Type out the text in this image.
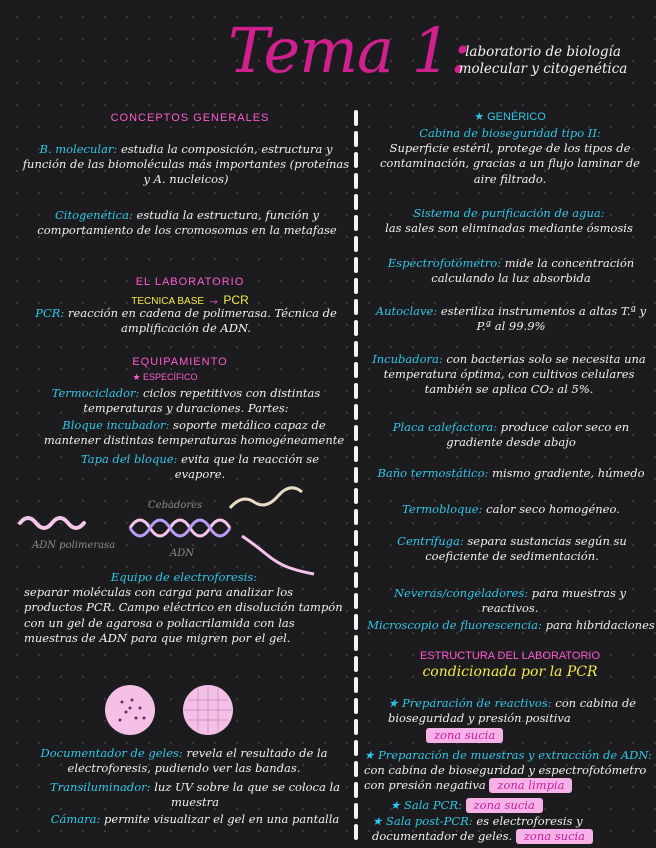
Tema 1:
laboratorio de biología
molecular y citogenética
CONCEPTOS GENERALES
B. molecular: estudia la composición, estructura y función de las biomoléculas más importantes (proteínas y A. nucleicos)
Citogenética: estudia la estructura, función y comportamiento de los cromosomas en la metafase
EL LABORATORIO
TECNICA BASE → PCR
PCR: reacción en cadena de polimerasa. Técnica de amplificación de ADN.
EQUIPAMIENTO
★ ESPECÍFICO
Termociclador: ciclos repetitivos con distintas temperaturas y duraciones. Partes:
Bloque incubador: soporte metálico capaz de mantener distintas temperaturas homogéneamente
Tapa del bloque: evita que la reacción se evapore.
Cebadores
ADN
ADN polimerasa
Equipo de electroforesis:
separar moléculas con carga para analizar los productos PCR. Campo eléctrico en disolución tampón con un gel de agarosa o poliacrilamida con las muestras de ADN para que migren por el gel.
Documentador de geles: revela el resultado de la electroforesis, pudiendo ver las bandas.
Transiluminador: luz UV sobre la que se coloca la muestra
Cámara: permite visualizar el gel en una pantalla
★ GENÉRICO
Cabina de bioseguridad tipo II:
Superficie estéril, protege de los tipos de contaminación, gracias a un flujo laminar de aire filtrado.
Sistema de purificación de agua:
las sales son eliminadas mediante ósmosis
Espectrofotómetro: mide la concentración calculando la luz absorbida
Autoclave: esteriliza instrumentos a altas T.ª y P.ª al 99.9%
Incubadora: con bacterias solo se necesita una temperatura óptima, con cultivos celulares también se aplica CO₂ al 5%.
Placa calefactora: produce calor seco en gradiente desde abajo
Baño termostático: mismo gradiente, húmedo
Termobloque: calor seco homogéneo.
Centrífuga: separa sustancias según su coeficiente de sedimentación.
Neveras/congeladores: para muestras y reactivos.
Microscopio de fluorescencia: para hibridaciones
ESTRUCTURA DEL LABORATORIO
condicionada por la PCR
★ Preparación de reactivos: con cabina de bioseguridad y presión positiva
zona sucia
★ Preparación de muestras y extracción de ADN: con cabina de bioseguridad y espectrofotómetro con presión negativa zona limpia
★ Sala PCR: zona sucia
★ Sala post-PCR: es electroforesis y documentador de geles. zona sucia
